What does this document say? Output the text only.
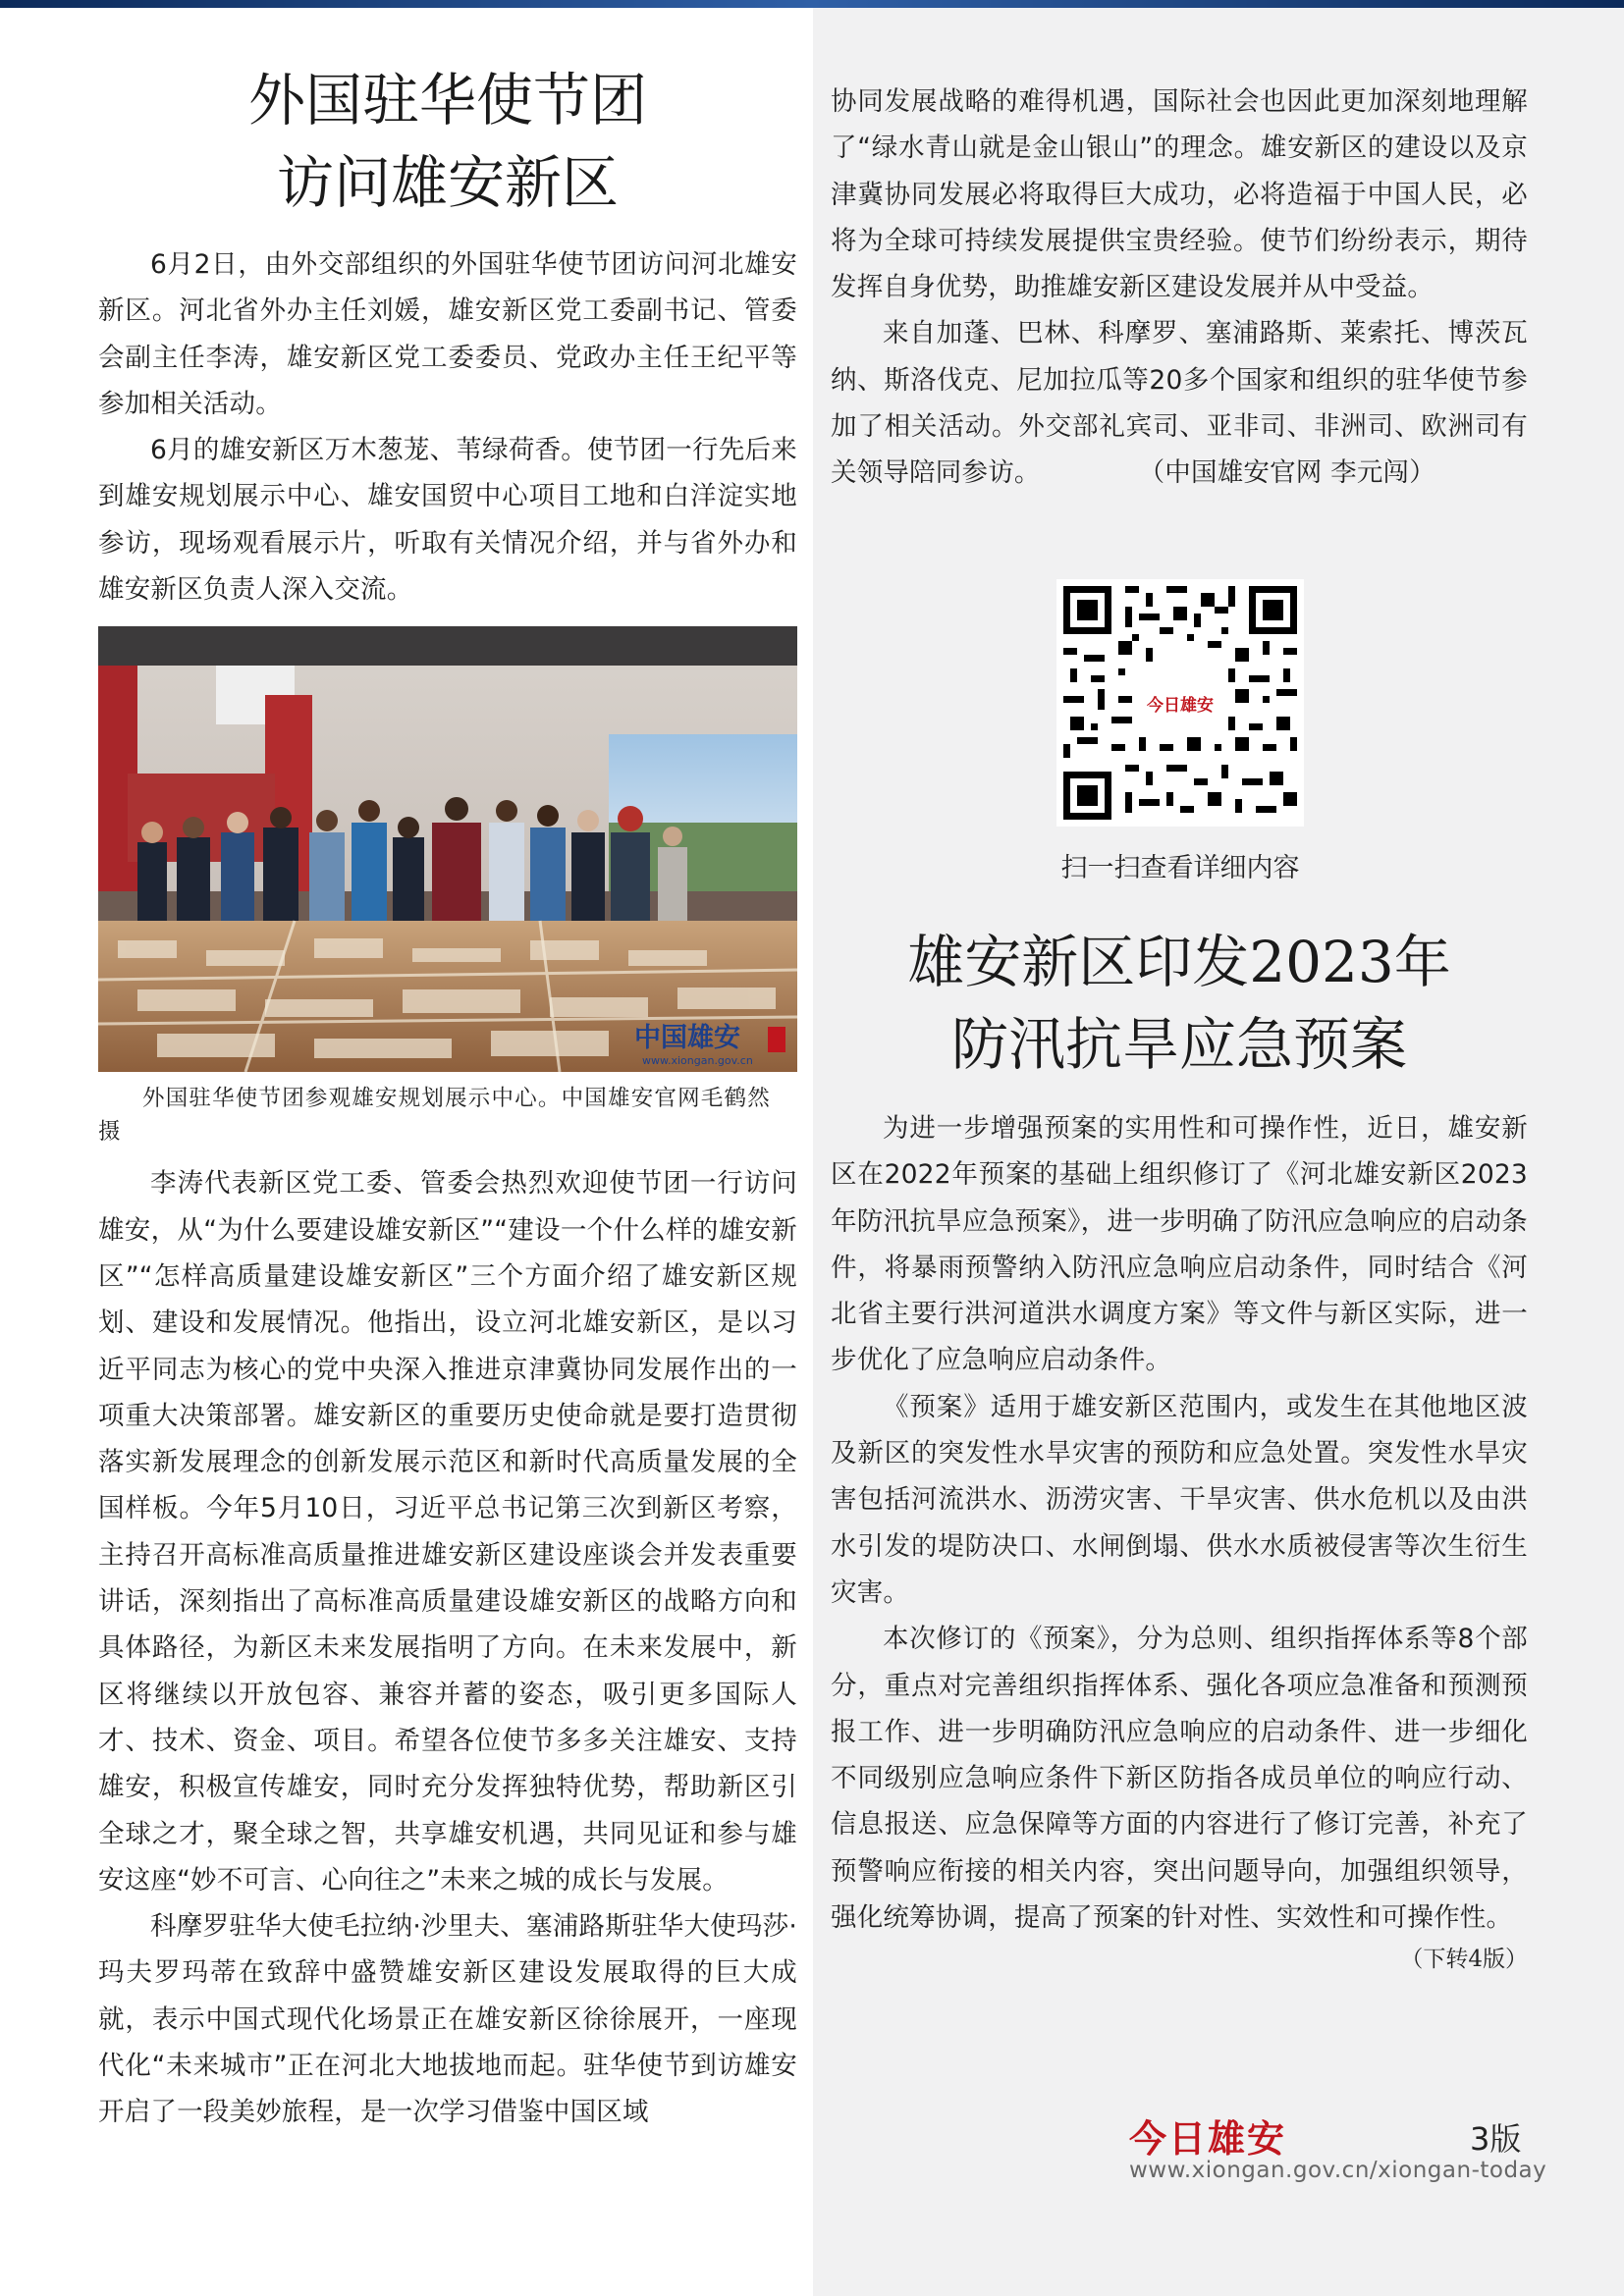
外国驻华使节团
访问雄安新区

6月2日，由外交部组织的外国驻华使节团访问河北雄安新区。河北省外办主任刘媛，雄安新区党工委副书记、管委会副主任李涛，雄安新区党工委委员、党政办主任王纪平等参加相关活动。

6月的雄安新区万木葱茏、苇绿荷香。使节团一行先后来到雄安规划展示中心、雄安国贸中心项目工地和白洋淀实地参访，现场观看展示片，听取有关情况介绍，并与省外办和雄安新区负责人深入交流。

中国雄安
www.xiongan.gov.cn

外国驻华使节团参观雄安规划展示中心。中国雄安官网毛鹤然 摄

李涛代表新区党工委、管委会热烈欢迎使节团一行访问雄安，从“为什么要建设雄安新区”“建设一个什么样的雄安新区”“怎样高质量建设雄安新区”三个方面介绍了雄安新区规划、建设和发展情况。他指出，设立河北雄安新区，是以习近平同志为核心的党中央深入推进京津冀协同发展作出的一项重大决策部署。雄安新区的重要历史使命就是要打造贯彻落实新发展理念的创新发展示范区和新时代高质量发展的全国样板。今年5月10日，习近平总书记第三次到新区考察，主持召开高标准高质量推进雄安新区建设座谈会并发表重要讲话，深刻指出了高标准高质量建设雄安新区的战略方向和具体路径，为新区未来发展指明了方向。在未来发展中，新区将继续以开放包容、兼容并蓄的姿态，吸引更多国际人才、技术、资金、项目。希望各位使节多多关注雄安、支持雄安，积极宣传雄安，同时充分发挥独特优势，帮助新区引全球之才，聚全球之智，共享雄安机遇，共同见证和参与雄安这座“妙不可言、心向往之”未来之城的成长与发展。

科摩罗驻华大使毛拉纳·沙里夫、塞浦路斯驻华大使玛莎·玛夫罗玛蒂在致辞中盛赞雄安新区建设发展取得的巨大成就，表示中国式现代化场景正在雄安新区徐徐展开，一座现代化“未来城市”正在河北大地拔地而起。驻华使节到访雄安开启了一段美妙旅程，是一次学习借鉴中国区域

协同发展战略的难得机遇，国际社会也因此更加深刻地理解了“绿水青山就是金山银山”的理念。雄安新区的建设以及京津冀协同发展必将取得巨大成功，必将造福于中国人民，必将为全球可持续发展提供宝贵经验。使节们纷纷表示，期待发挥自身优势，助推雄安新区建设发展并从中受益。

来自加蓬、巴林、科摩罗、塞浦路斯、莱索托、博茨瓦纳、斯洛伐克、尼加拉瓜等20多个国家和组织的驻华使节参加了相关活动。外交部礼宾司、亚非司、非洲司、欧洲司有关领导陪同参访。	（中国雄安官网 李元闯）

今日雄安
扫一扫查看详细内容
雄安新区印发2023年
防汛抗旱应急预案

为进一步增强预案的实用性和可操作性，近日，雄安新区在2022年预案的基础上组织修订了《河北雄安新区2023年防汛抗旱应急预案》，进一步明确了防汛应急响应的启动条件，将暴雨预警纳入防汛应急响应启动条件，同时结合《河北省主要行洪河道洪水调度方案》等文件与新区实际，进一步优化了应急响应启动条件。

《预案》适用于雄安新区范围内，或发生在其他地区波及新区的突发性水旱灾害的预防和应急处置。突发性水旱灾害包括河流洪水、沥涝灾害、干旱灾害、供水危机以及由洪水引发的堤防决口、水闸倒塌、供水水质被侵害等次生衍生灾害。

本次修订的《预案》，分为总则、组织指挥体系等8个部分，重点对完善组织指挥体系、强化各项应急准备和预测预报工作、进一步明确防汛应急响应的启动条件、进一步细化不同级别应急响应条件下新区防指各成员单位的响应行动、信息报送、应急保障等方面的内容进行了修订完善，补充了预警响应衔接的相关内容，突出问题导向，加强组织领导，强化统筹协调，提高了预案的针对性、实效性和可操作性。

（下转4版）
今日雄安	3版
www.xiongan.gov.cn/xiongan-today
